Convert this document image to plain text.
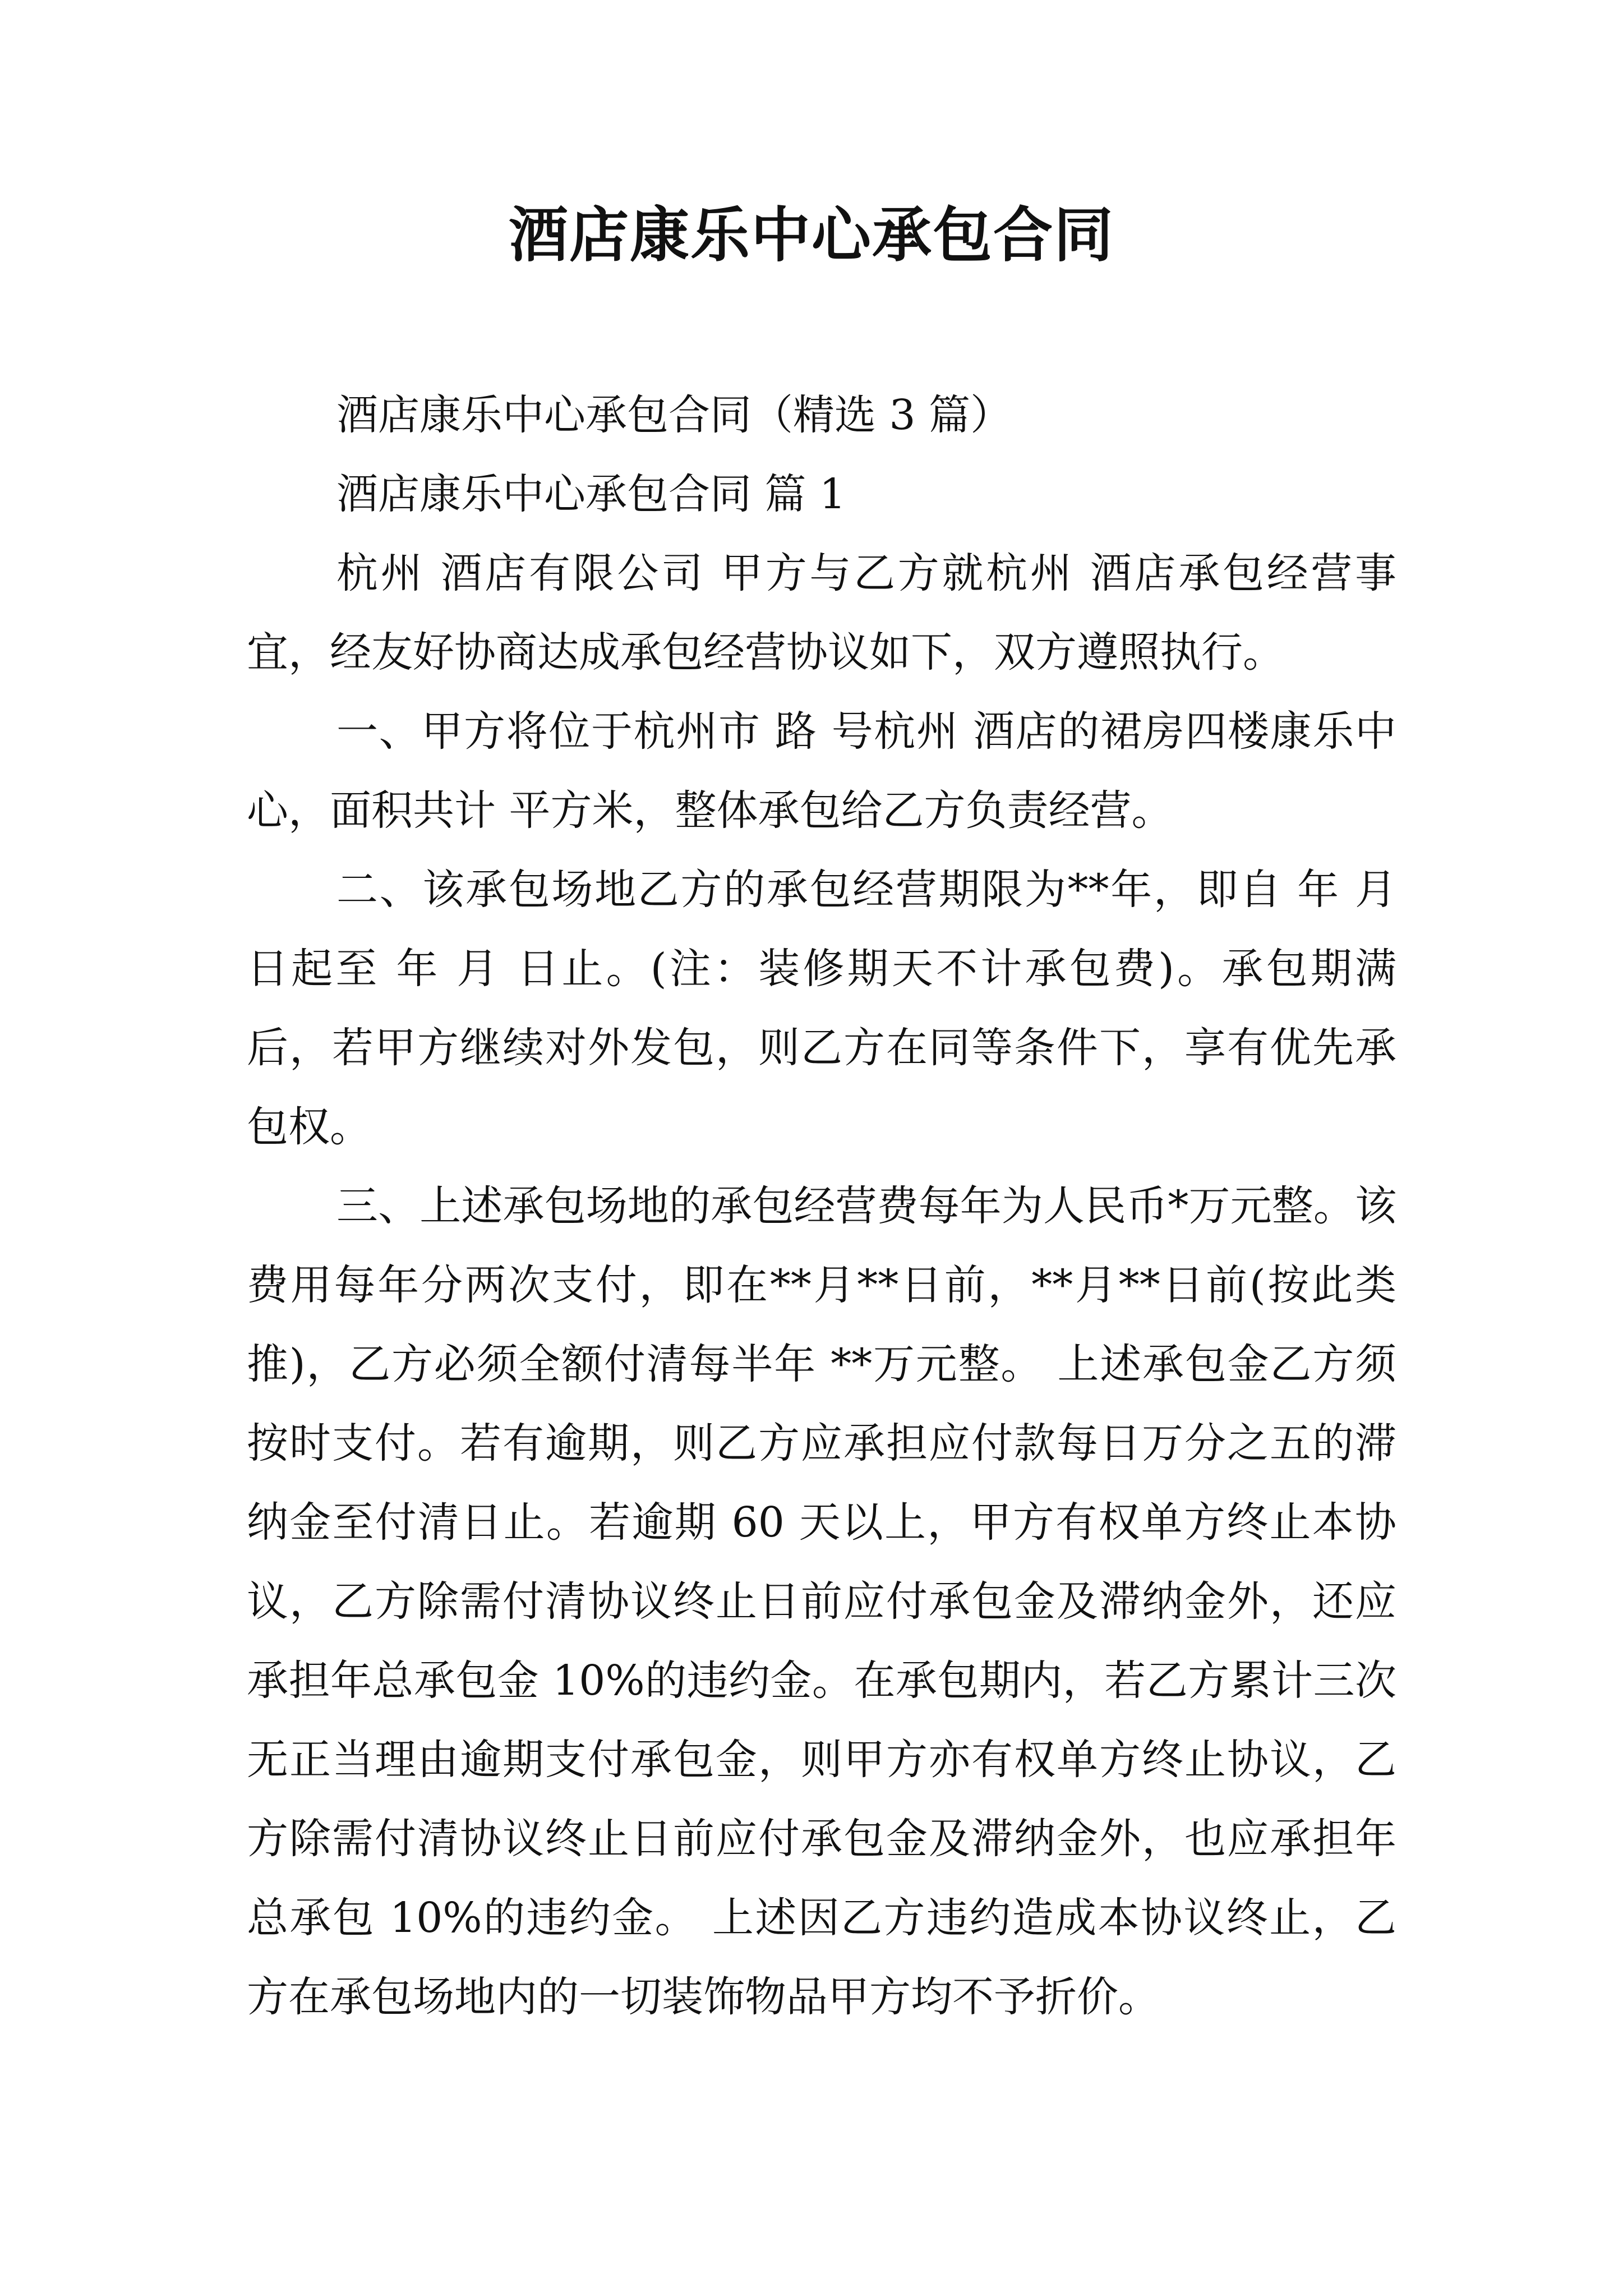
酒店康乐中心承包合同

酒店康乐中心承包合同（精选 3 篇）

酒店康乐中心承包合同 篇 1

杭州 酒店有限公司 甲方与乙方就杭州 酒店承包经营事宜，经友好协商达成承包经营协议如下，双方遵照执行。

一、甲方将位于杭州市 路 号杭州 酒店的裙房四楼康乐中心，面积共计 平方米，整体承包给乙方负责经营。

二、该承包场地乙方的承包经营期限为**年，即自 年 月 日起至 年 月 日止。(注：装修期天不计承包费)。承包期满后，若甲方继续对外发包，则乙方在同等条件下，享有优先承包权。

三、上述承包场地的承包经营费每年为人民币*万元整。该费用每年分两次支付，即在**月**日前，**月**日前(按此类推)，乙方必须全额付清每半年 **万元整。 上述承包金乙方须按时支付。若有逾期，则乙方应承担应付款每日万分之五的滞纳金至付清日止。若逾期 60 天以上，甲方有权单方终止本协议，乙方除需付清协议终止日前应付承包金及滞纳金外，还应承担年总承包金 10%的违约金。在承包期内，若乙方累计三次无正当理由逾期支付承包金，则甲方亦有权单方终止协议，乙方除需付清协议终止日前应付承包金及滞纳金外，也应承担年总承包 10%的违约金。 上述因乙方违约造成本协议终止，乙方在承包场地内的一切装饰物品甲方均不予折价。
